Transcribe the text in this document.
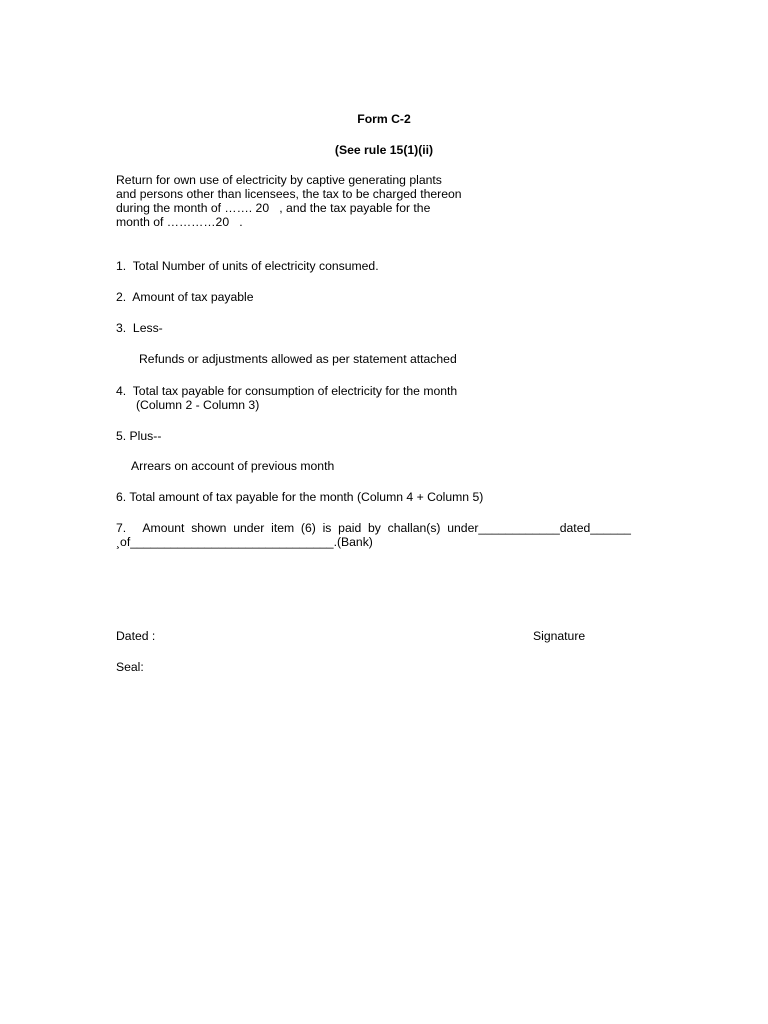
Form C-2
(See rule 15(1)(ii)
Return for own use of electricity by captive generating plants
and persons other than licensees, the tax to be charged thereon
during the month of ……. 20   , and the tax payable for the
month of …………20   .
1.  Total Number of units of electricity consumed.
2.  Amount of tax payable
3.  Less-
Refunds or adjustments allowed as per statement attached
4.  Total tax payable for consumption of electricity for the month
(Column 2 - Column 3)
5. Plus--
Arrears on account of previous month
6. Total amount of tax payable for the month (Column 4 + Column 5)
7.     Amount  shown  under  item  (6)  is  paid  by  challan(s)  under____________dated______
¸of______________________________.(Bank)
Dated :	Signature
Seal:
